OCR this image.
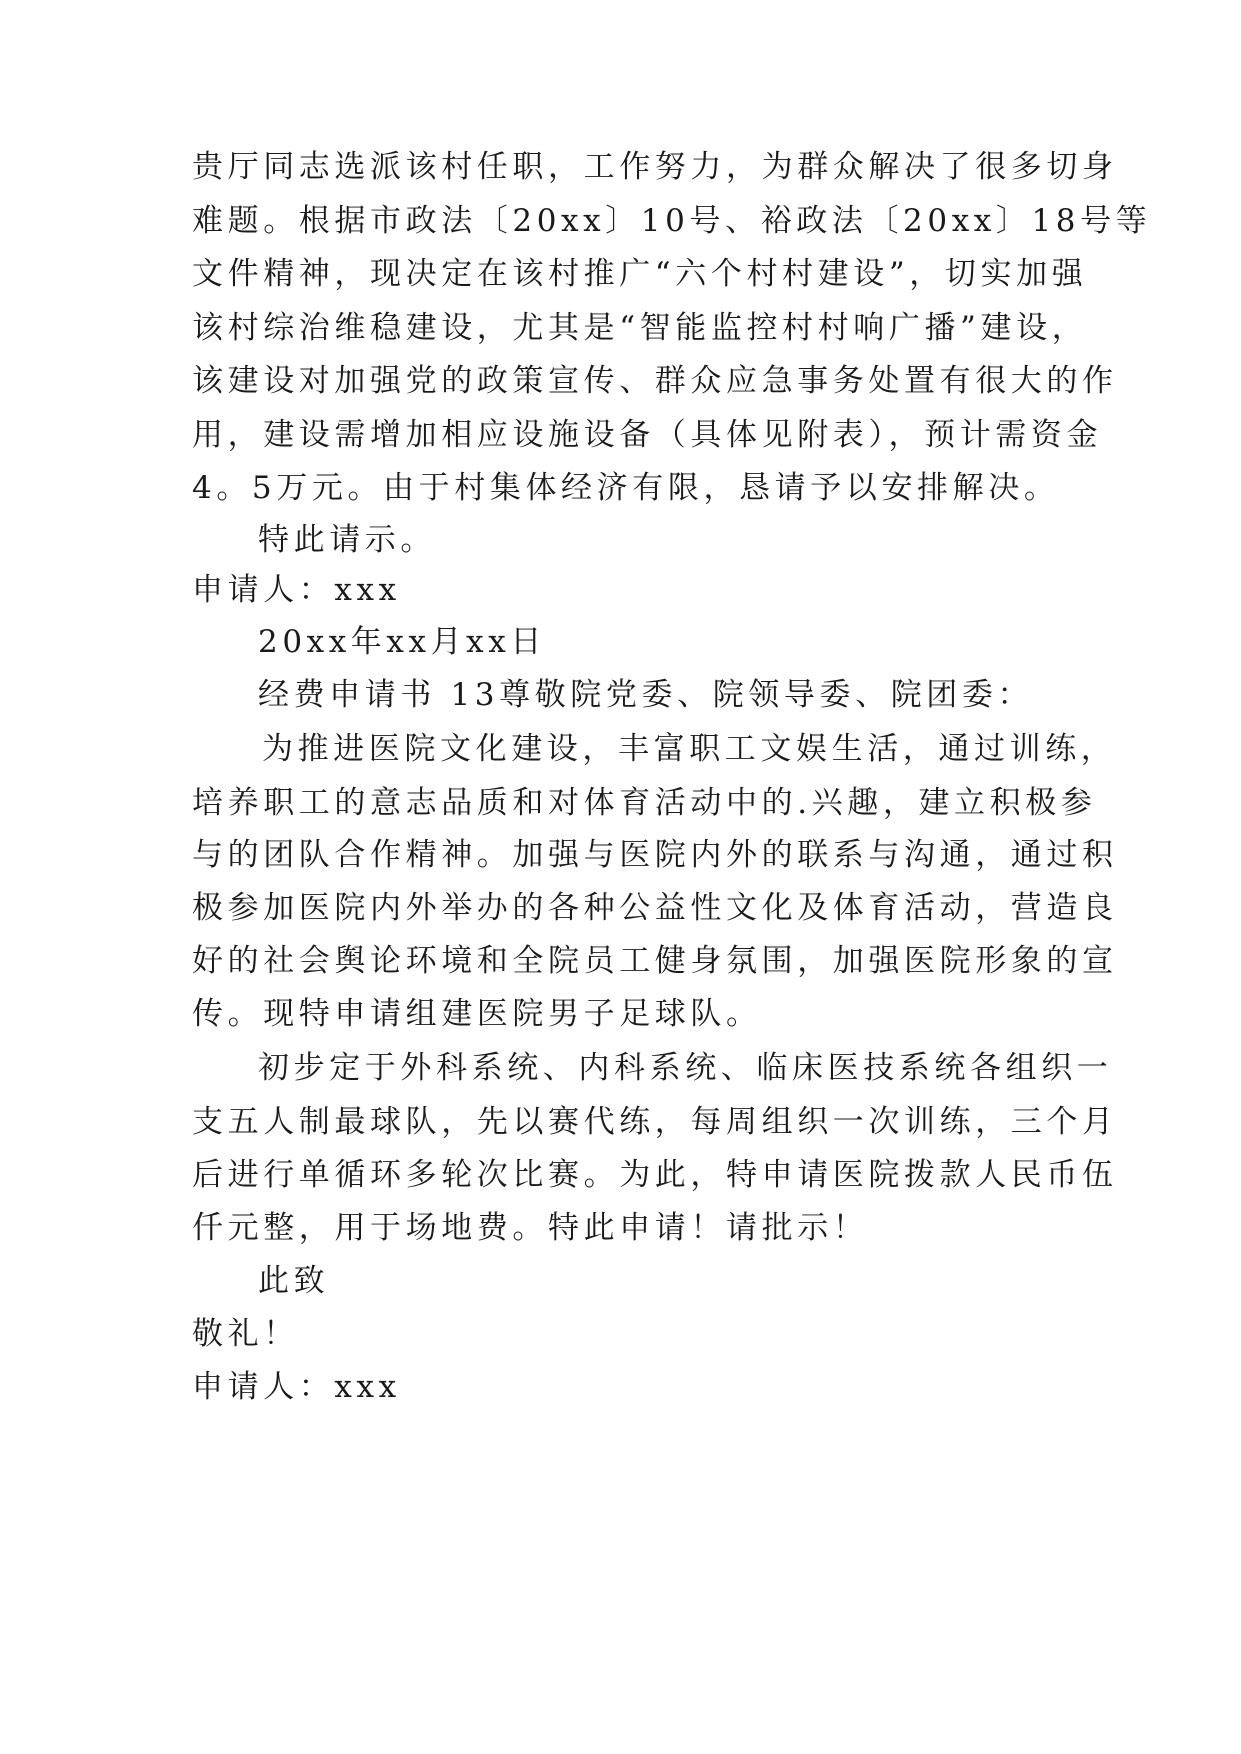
贵厅同志选派该村任职，工作努力，为群众解决了很多切身
难题。根据市政法〔20xx〕10号、裕政法〔20xx〕18号等
文件精神，现决定在该村推广“六个村村建设”，切实加强
该村综治维稳建设，尤其是“智能监控村村响广播”建设，
该建设对加强党的政策宣传、群众应急事务处置有很大的作
用，建设需增加相应设施设备（具体见附表），预计需资金
4。5万元。由于村集体经济有限，恳请予以安排解决。
特此请示。
申请人：xxx
20xx年xx月xx日
经费申请书 13尊敬院党委、院领导委、院团委：
为推进医院文化建设，丰富职工文娱生活，通过训练，
培养职工的意志品质和对体育活动中的.兴趣，建立积极参
与的团队合作精神。加强与医院内外的联系与沟通，通过积
极参加医院内外举办的各种公益性文化及体育活动，营造良
好的社会舆论环境和全院员工健身氛围，加强医院形象的宣
传。现特申请组建医院男子足球队。
初步定于外科系统、内科系统、临床医技系统各组织一
支五人制最球队，先以赛代练，每周组织一次训练，三个月
后进行单循环多轮次比赛。为此，特申请医院拨款人民币伍
仟元整，用于场地费。特此申请！请批示！
此致
敬礼！
申请人：xxx
